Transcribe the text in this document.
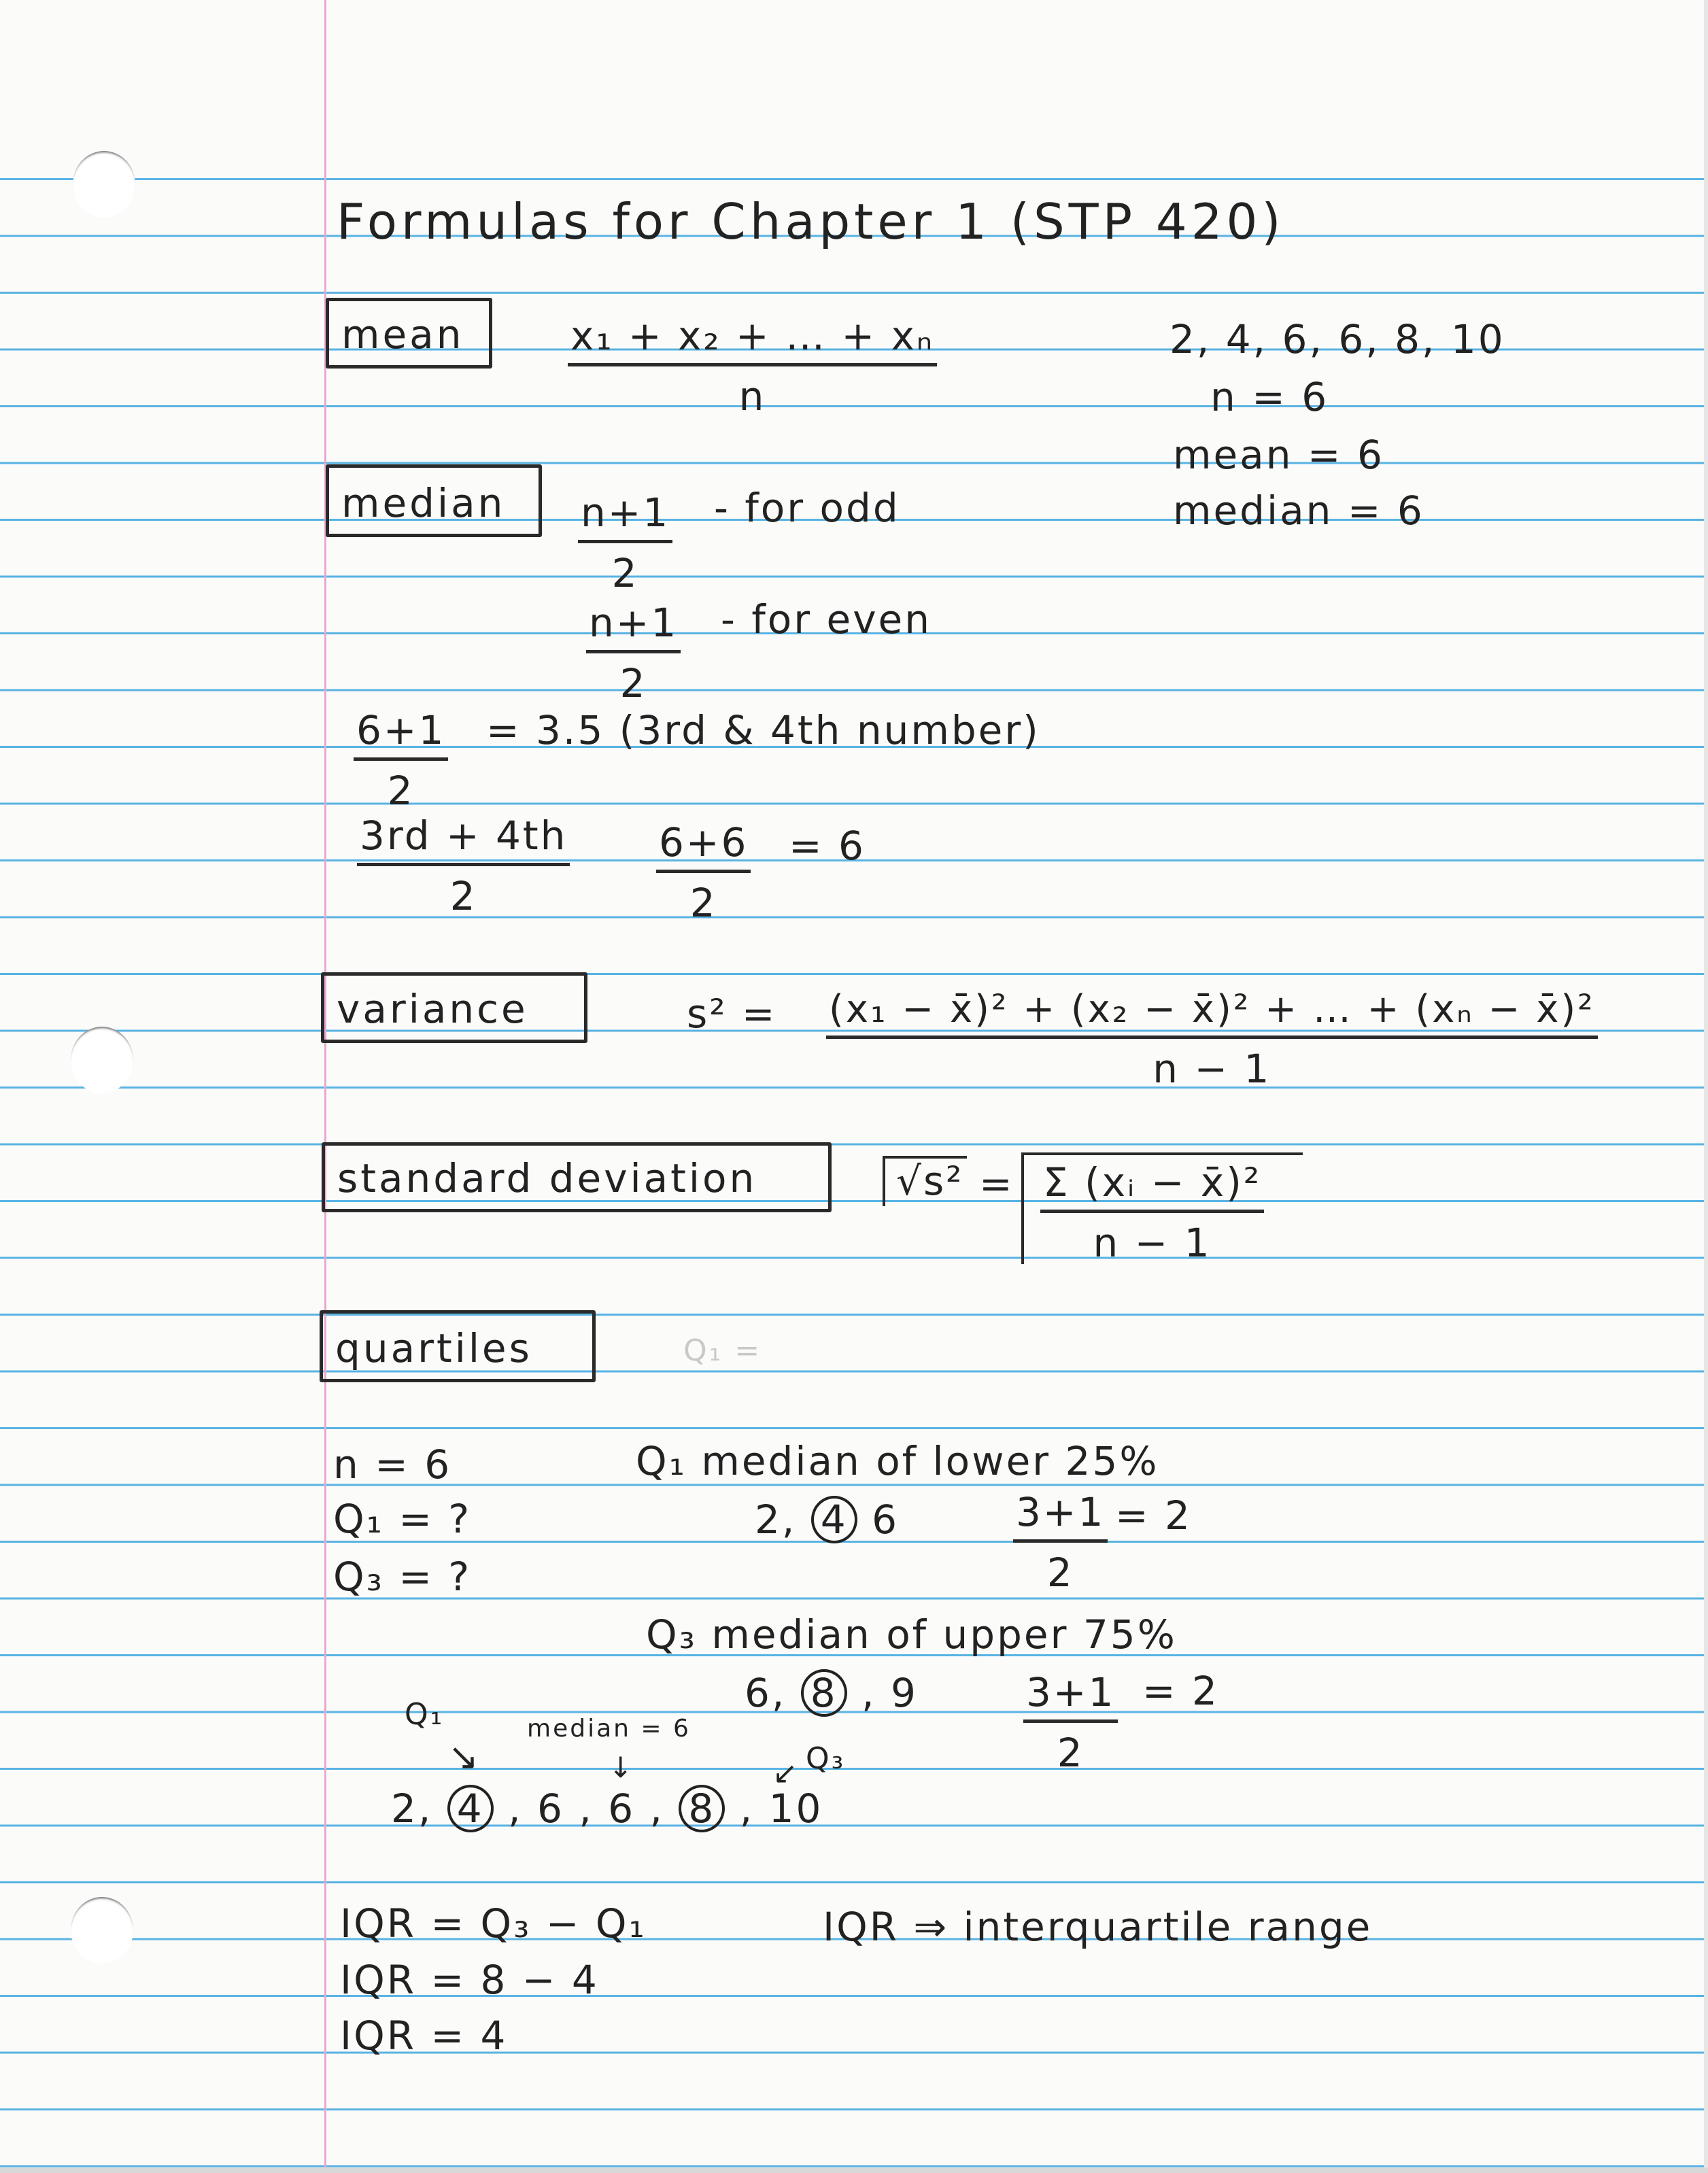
Formulas for Chapter 1 (STP 420)
mean	$\frac{\text{x₁ + x₂ + … + xₙ}}{n}$	2, 4, 6, 6, 8, 10
n = 6
mean = 6
median = 6
median $\frac{n+1}{2}$ - for odd
$\frac{n+1}{2}$ - for even
$\frac{6+1}{2} = 3.5$ (3rd & 4th number)
$\frac{3rd + 4th}{2} \frac{6+6}{2} = 6$
variance	$s^2 = \frac{\text{(x₁ − x̄)² + (x₂ − x̄)² + … + (xₙ − x̄)²}}{n - 1}$
standard deviation	$√s^2 = \frac{\text{Σ (xᵢ − x̄)²}}{n - 1}$
quartiles	Q₁ =
n = 6
Q₁ = ?
Q₃ = ?
Q₁ median of lower 25%
2, 4 6	$\frac{3+1}{2} = 2$
Q₃ median of upper 75%
6, 8 , 9	$\frac{3+1}{2} = 2$
Q₁
↓
median = 6
↓	Q₃
↓
2, 4 , 6 , 6 , 8 , 10
IQR = Q₃ − Q₁
IQR = 8 − 4
IQR = 4
IQR ⇒ interquartile range
